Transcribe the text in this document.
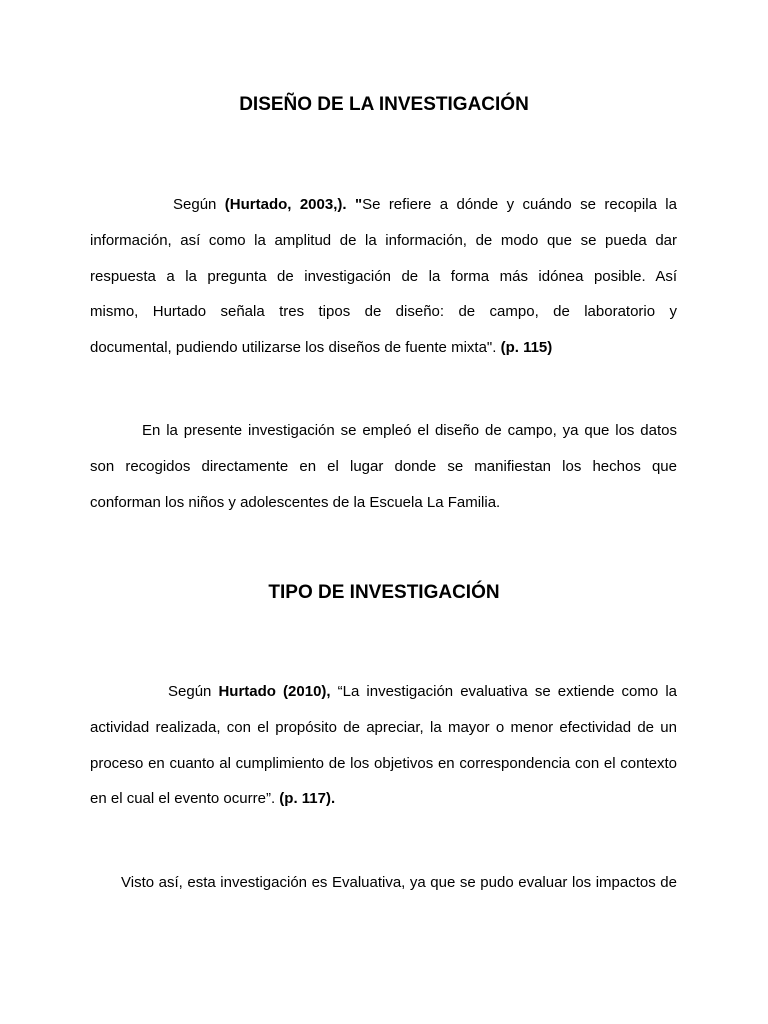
DISEÑO DE LA INVESTIGACIÓN
Según (Hurtado, 2003,). "Se refiere a dónde y cuándo se recopila la
información, así como la amplitud de la información, de modo que se pueda dar
respuesta a la pregunta de investigación de la forma más idónea posible. Así
mismo, Hurtado señala tres tipos de diseño: de campo, de laboratorio y
documental, pudiendo utilizarse los diseños de fuente mixta". (p. 115)
En la presente investigación se empleó el diseño de campo, ya que los datos
son recogidos directamente en el lugar donde se manifiestan los hechos que
conforman los niños y adolescentes de la Escuela La Familia.
TIPO DE INVESTIGACIÓN
Según Hurtado (2010), “La investigación evaluativa se extiende como la
actividad realizada, con el propósito de apreciar, la mayor o menor efectividad de un
proceso en cuanto al cumplimiento de los objetivos en correspondencia con el contexto
en el cual el evento ocurre”. (p. 117).
Visto así, esta investigación es Evaluativa, ya que se pudo evaluar los impactos de
